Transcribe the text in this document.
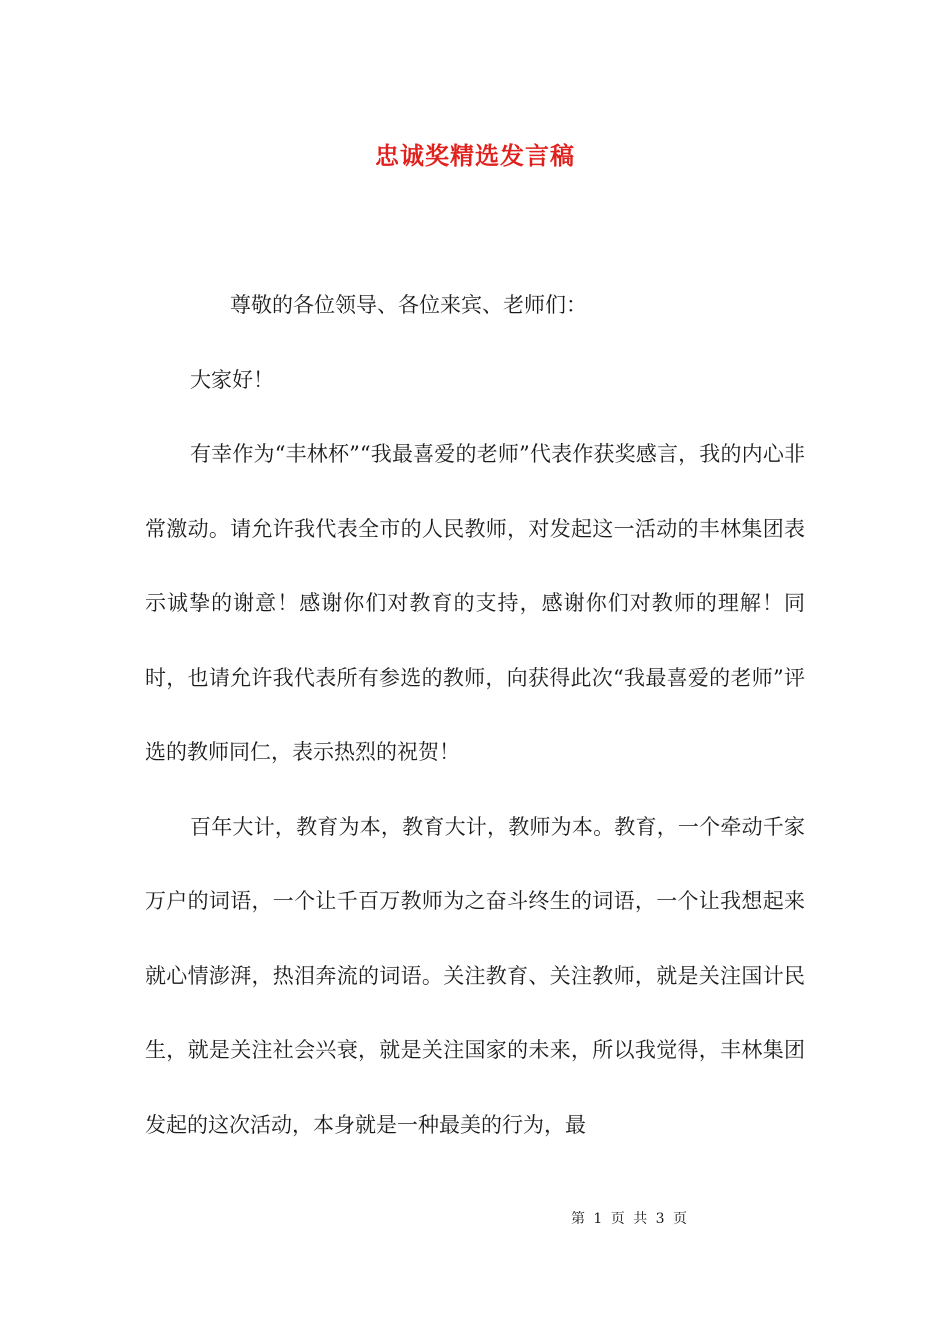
忠诚奖精选发言稿

尊敬的各位领导、各位来宾、老师们：

大家好！

有幸作为“丰林杯”“我最喜爱的老师”代表作获奖感言，我的内心非常激动。请允许我代表全市的人民教师，对发起这一活动的丰林集团表示诚挚的谢意！感谢你们对教育的支持，感谢你们对教师的理解！同时，也请允许我代表所有参选的教师，向获得此次“我最喜爱的老师”评选的教师同仁，表示热烈的祝贺！

百年大计，教育为本，教育大计，教师为本。教育，一个牵动千家万户的词语，一个让千百万教师为之奋斗终生的词语，一个让我想起来就心情澎湃，热泪奔流的词语。关注教育、关注教师，就是关注国计民生，就是关注社会兴衰，就是关注国家的未来，所以我觉得，丰林集团发起的这次活动，本身就是一种最美的行为，最

第 1 页 共 3 页
